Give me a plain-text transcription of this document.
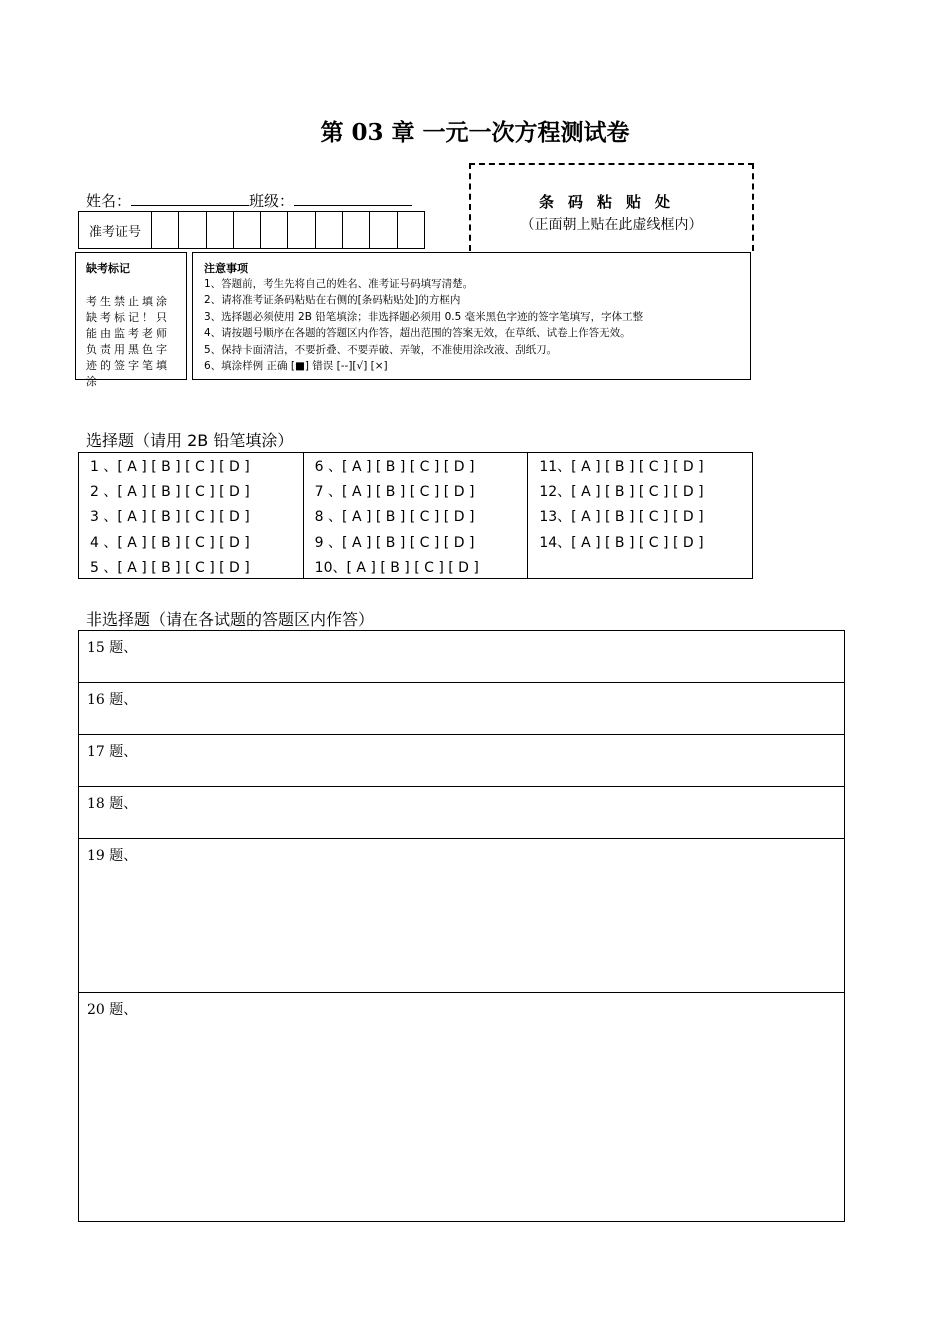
第 03 章 一元一次方程测试卷
姓名：	班级：
准考证号
条码粘贴处
（正面朝上贴在此虚线框内）
缺考标记
考生禁止填涂缺考标记！只能由监考老师负责用黑色字迹的签字笔填涂
注意事项
1、答题前，考生先将自己的姓名、准考证号码填写清楚。
2、请将准考证条码粘贴在右侧的[条码粘贴处]的方框内
3、选择题必须使用 2B 铅笔填涂；非选择题必须用 0.5 毫米黑色字迹的签字笔填写，字体工整
4、请按题号顺序在各题的答题区内作答，超出范围的答案无效，在草纸、试卷上作答无效。
5、保持卡面清洁，不要折叠、不要弄破、弄皱，不准使用涂改液、刮纸刀。
6、填涂样例 正确 [■] 错误 [--][√] [×]
选择题（请用 2B 铅笔填涂）
1 、[ A ] [ B ] [ C ] [ D ]
2 、[ A ] [ B ] [ C ] [ D ]
3 、[ A ] [ B ] [ C ] [ D ]
4 、[ A ] [ B ] [ C ] [ D ]
5 、[ A ] [ B ] [ C ] [ D ]
6 、[ A ] [ B ] [ C ] [ D ]
7 、[ A ] [ B ] [ C ] [ D ]
8 、[ A ] [ B ] [ C ] [ D ]
9 、[ A ] [ B ] [ C ] [ D ]
10、[ A ] [ B ] [ C ] [ D ]
11、[ A ] [ B ] [ C ] [ D ]
12、[ A ] [ B ] [ C ] [ D ]
13、[ A ] [ B ] [ C ] [ D ]
14、[ A ] [ B ] [ C ] [ D ]
非选择题（请在各试题的答题区内作答）
15 题、
16 题、
17 题、
18 题、
19 题、
20 题、
